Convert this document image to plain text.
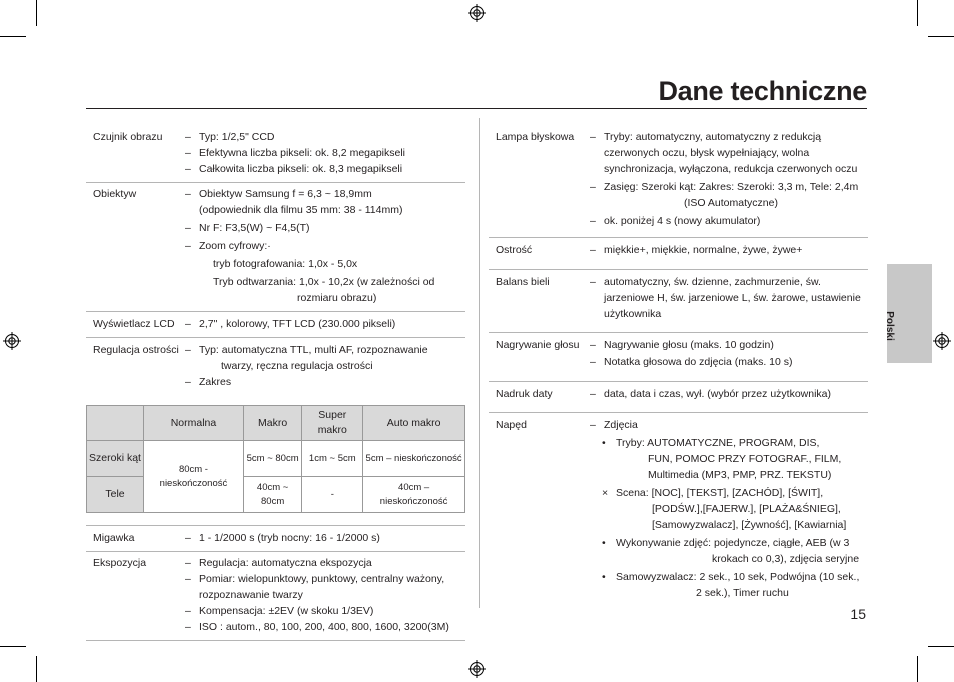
Dane techniczne
Polski
Czujnik obrazu	– Typ: 1/2,5" CCD
– Efektywna liczba pikseli: ok. 8,2 megapikseli
– Całkowita liczba pikseli: ok. 8,3 megapikseli
Obiektyw	– Obiektyw Samsung f = 6,3 ~ 18,9mm
(odpowiednik dla filmu 35 mm: 38 - 114mm)
– Nr F: F3,5(W) ~ F4,5(T)
– Zoom cyfrowy:·
tryb fotografowania: 1,0x - 5,0x
Tryb odtwarzania: 1,0x - 10,2x (w zależności od
rozmiaru obrazu)
Wyświetlacz LCD – 2,7" , kolorowy, TFT LCD (230.000 pikseli)
Regulacja ostrości – Typ: automatyczna TTL, multi AF, rozpoznawanie
twarzy, ręczna regulacja ostrości
– Zakres
	Normalna	Makro	Super makro	Auto makro
Szeroki kąt	80cm - nieskończoność	5cm ~ 80cm	1cm ~ 5cm	5cm – nieskończoność
Tele		40cm ~ 80cm	-	40cm – nieskończoność
Migawka	– 1 - 1/2000 s (tryb nocny: 16 - 1/2000 s)
Ekspozycja	– Regulacja: automatyczna ekspozycja
– Pomiar: wielopunktowy, punktowy, centralny ważony,
rozpoznawanie twarzy
– Kompensacja: ±2EV (w skoku 1/3EV)
– ISO : autom., 80, 100, 200, 400, 800, 1600, 3200(3M)
Lampa błyskowa	– Tryby: automatyczny, automatyczny z redukcją
czerwonych oczu, błysk wypełniający, wolna
synchronizacja, wyłączona, redukcja czerwonych oczu
– Zasięg: Szeroki kąt: Zakres: Szeroki: 3,3 m, Tele: 2,4m
(ISO Automatyczne)
– ok. poniżej 4 s (nowy akumulator)
Ostrość	– miękkie+, miękkie, normalne, żywe, żywe+
Balans bieli	– automatyczny, św. dzienne, zachmurzenie, św.
jarzeniowe H, św. jarzeniowe L, św. żarowe, ustawienie
użytkownika
Nagrywanie głosu	– Nagrywanie głosu (maks. 10 godzin)
– Notatka głosowa do zdjęcia (maks. 10 s)
Nadruk daty	– data, data i czas, wył. (wybór przez użytkownika)
Napęd	– Zdjęcia
• Tryby: AUTOMATYCZNE, PROGRAM, DIS,
FUN, POMOC PRZY FOTOGRAF., FILM,
Multimedia (MP3, PMP, PRZ. TEKSTU)
× Scena: [NOC], [TEKST], [ZACHÓD], [ŚWIT],
[PODŚW.],[FAJERW.], [PLAŻA&ŚNIEG],
[Samowyzwalacz], [Żywność], [Kawiarnia]
• Wykonywanie zdjęć: pojedyncze, ciągłe, AEB (w 3
krokach co 0,3), zdjęcia seryjne
• Samowyzwalacz: 2 sek., 10 sek, Podwójna (10 sek.,
2 sek.), Timer ruchu
15
